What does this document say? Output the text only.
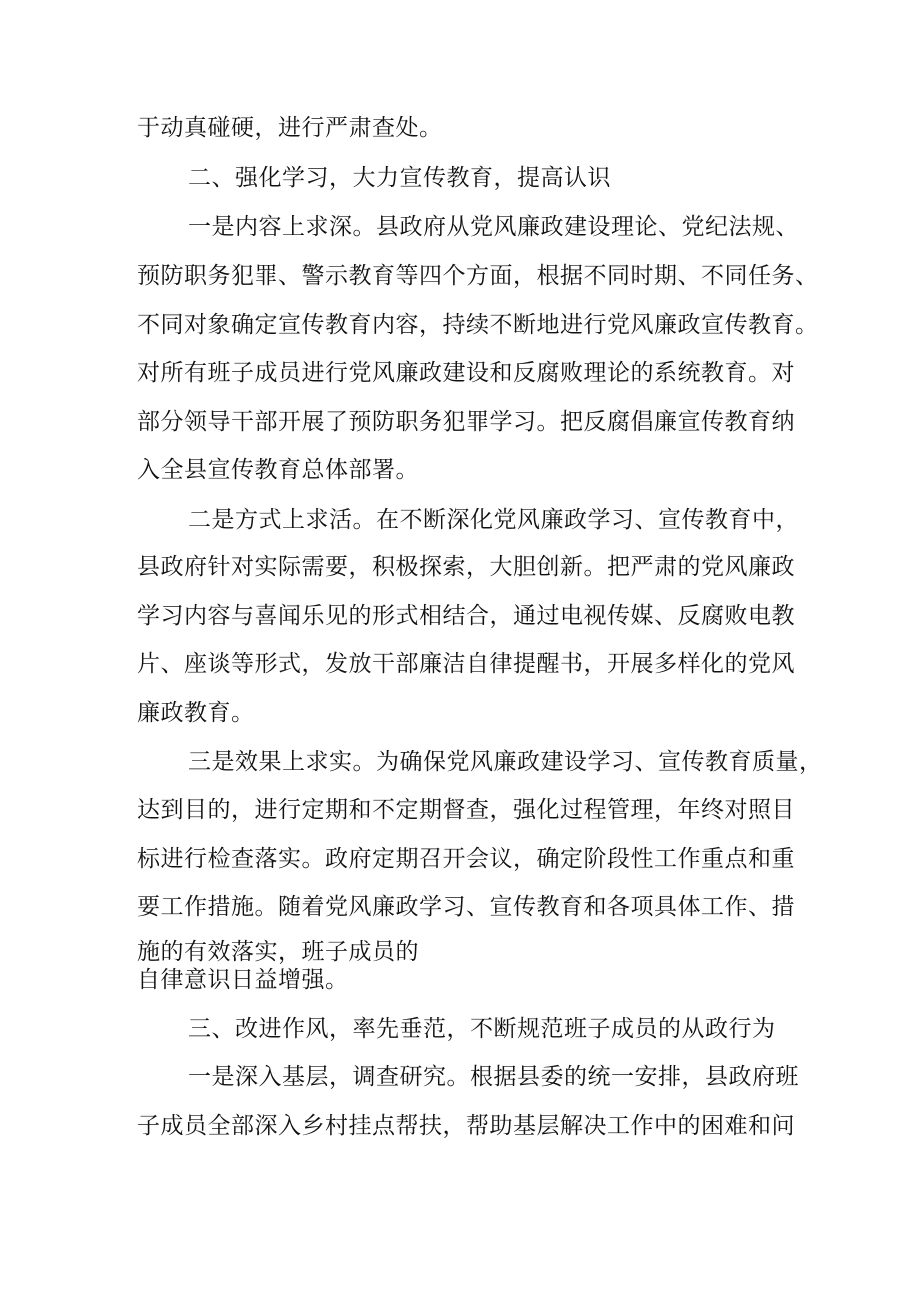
于动真碰硬，进行严肃查处。
二、强化学习，大力宣传教育，提高认识
一是内容上求深。县政府从党风廉政建设理论、党纪法规、
预防职务犯罪、警示教育等四个方面，根据不同时期、不同任务、
不同对象确定宣传教育内容，持续不断地进行党风廉政宣传教育。
对所有班子成员进行党风廉政建设和反腐败理论的系统教育。对
部分领导干部开展了预防职务犯罪学习。把反腐倡廉宣传教育纳
入全县宣传教育总体部署。
二是方式上求活。在不断深化党风廉政学习、宣传教育中，
县政府针对实际需要，积极探索，大胆创新。把严肃的党风廉政
学习内容与喜闻乐见的形式相结合，通过电视传媒、反腐败电教
片、座谈等形式，发放干部廉洁自律提醒书，开展多样化的党风
廉政教育。
三是效果上求实。为确保党风廉政建设学习、宣传教育质量，
达到目的，进行定期和不定期督查，强化过程管理，年终对照目
标进行检查落实。政府定期召开会议，确定阶段性工作重点和重
要工作措施。随着党风廉政学习、宣传教育和各项具体工作、措
施的有效落实，班子成员的
自律意识日益增强。
三、改进作风，率先垂范，不断规范班子成员的从政行为
一是深入基层，调查研究。根据县委的统一安排，县政府班
子成员全部深入乡村挂点帮扶，帮助基层解决工作中的困难和问
